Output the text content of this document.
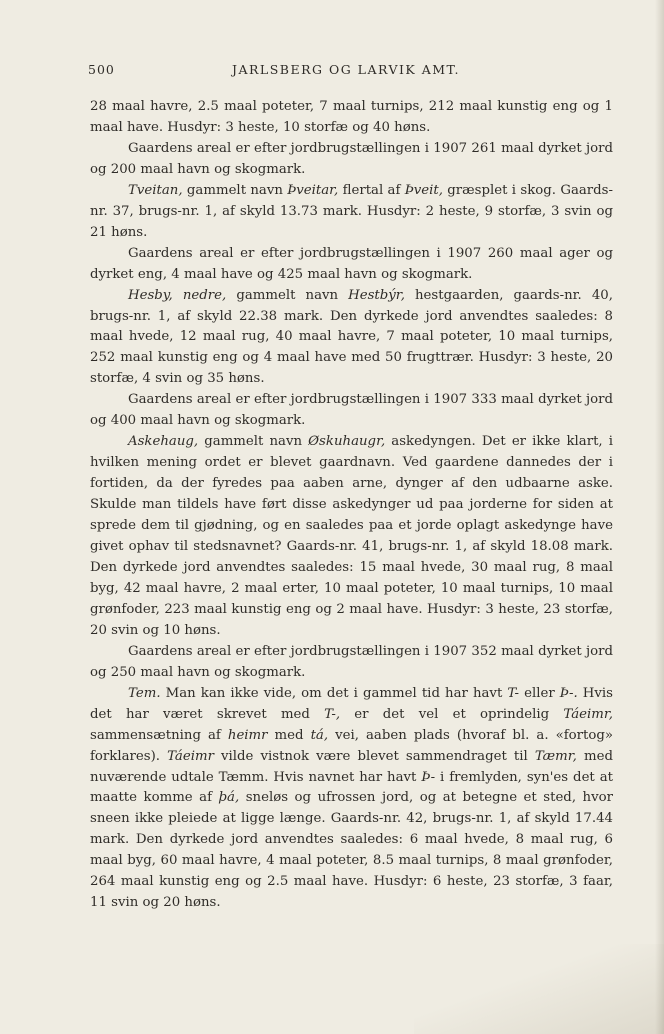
500	JARLSBERG OG LARVIK AMT.

28 maal havre, 2.5 maal poteter, 7 maal turnips, 212 maal kunstig eng og 1 maal have. Husdyr: 3 heste, 10 storfæ og 40 høns.

Gaardens areal er efter jordbrugstællingen i 1907 261 maal dyrket jord og 200 maal havn og skogmark.

Tveitan, gammelt navn Þveitar, flertal af Þveit, græsplet i skog. Gaards-nr. 37, brugs-nr. 1, af skyld 13.73 mark. Husdyr: 2 heste, 9 storfæ, 3 svin og 21 høns.

Gaardens areal er efter jordbrugstællingen i 1907 260 maal ager og dyrket eng, 4 maal have og 425 maal havn og skogmark.

Hesby, nedre, gammelt navn Hestbýr, hestgaarden, gaards-nr. 40, brugs-nr. 1, af skyld 22.38 mark. Den dyrkede jord anvendtes saaledes: 8 maal hvede, 12 maal rug, 40 maal havre, 7 maal poteter, 10 maal turnips, 252 maal kunstig eng og 4 maal have med 50 frugttrær. Husdyr: 3 heste, 20 storfæ, 4 svin og 35 høns.

Gaardens areal er efter jordbrugstællingen i 1907 333 maal dyrket jord og 400 maal havn og skogmark.

Askehaug, gammelt navn Øskuhaugr, askedyngen. Det er ikke klart, i hvilken mening ordet er blevet gaardnavn. Ved gaardene dannedes der i fortiden, da der fyredes paa aaben arne, dynger af den udbaarne aske. Skulde man tildels have ført disse askedynger ud paa jorderne for siden at sprede dem til gjødning, og en saaledes paa et jorde oplagt askedynge have givet ophav til stedsnavnet? Gaards-nr. 41, brugs-nr. 1, af skyld 18.08 mark. Den dyrkede jord anvendtes saaledes: 15 maal hvede, 30 maal rug, 8 maal byg, 42 maal havre, 2 maal erter, 10 maal poteter, 10 maal turnips, 10 maal grønfoder, 223 maal kunstig eng og 2 maal have. Husdyr: 3 heste, 23 storfæ, 20 svin og 10 høns.

Gaardens areal er efter jordbrugstællingen i 1907 352 maal dyrket jord og 250 maal havn og skogmark.

Tem. Man kan ikke vide, om det i gammel tid har havt T- eller Þ-. Hvis det har været skrevet med T-, er det vel et oprindelig Táeimr, sammensætning af heimr med tá, vei, aaben plads (hvoraf bl. a. «fortog» forklares). Táeimr vilde vistnok være blevet sammendraget til Tæmr, med nuværende udtale Tæmm. Hvis navnet har havt Þ- i fremlyden, syn'es det at maatte komme af þá, sneløs og ufrossen jord, og at betegne et sted, hvor sneen ikke pleiede at ligge længe. Gaards-nr. 42, brugs-nr. 1, af skyld 17.44 mark. Den dyrkede jord anvendtes saaledes: 6 maal hvede, 8 maal rug, 6 maal byg, 60 maal havre, 4 maal poteter, 8.5 maal turnips, 8 maal grønfoder, 264 maal kunstig eng og 2.5 maal have. Husdyr: 6 heste, 23 storfæ, 3 faar, 11 svin og 20 høns.
